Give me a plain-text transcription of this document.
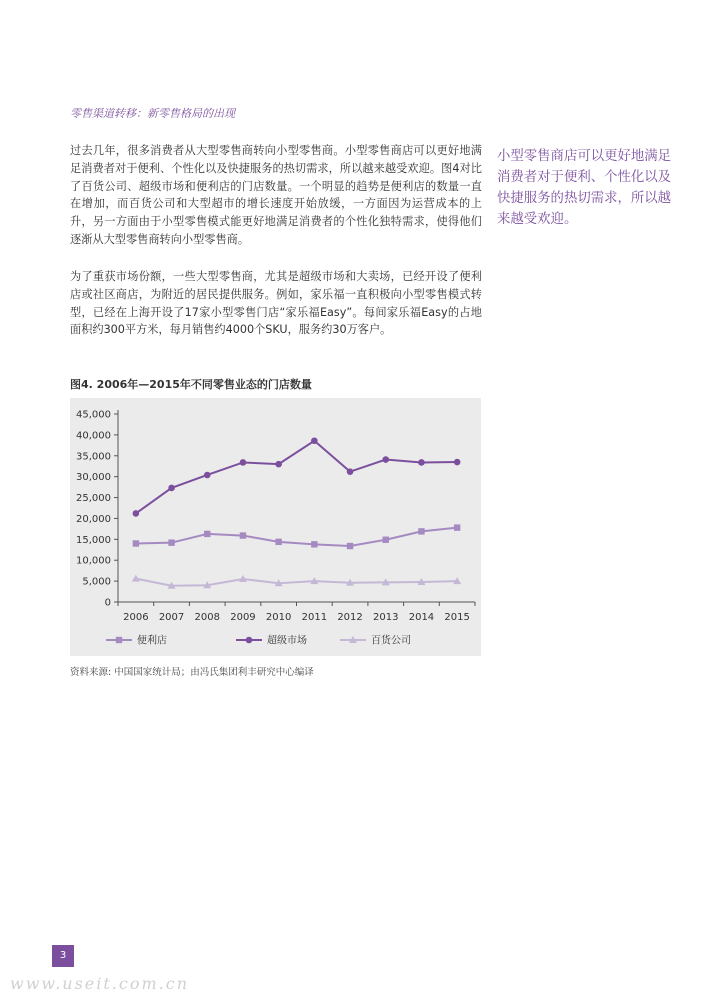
零售渠道转移：新零售格局的出现

过去几年，很多消费者从大型零售商转向小型零售商。小型零售商店可以更好地满足消费者对于便利、个性化以及快捷服务的热切需求，所以越来越受欢迎。图4对比了百货公司、超级市场和便利店的门店数量。一个明显的趋势是便利店的数量一直在增加，而百货公司和大型超市的增长速度开始放缓，一方面因为运营成本的上升，另一方面由于小型零售模式能更好地满足消费者的个性化独特需求，使得他们逐渐从大型零售商转向小型零售商。

为了重获市场份额，一些大型零售商，尤其是超级市场和大卖场，已经开设了便利店或社区商店，为附近的居民提供服务。例如，家乐福一直积极向小型零售模式转型，已经在上海开设了17家小型零售门店“家乐福Easy”。每间家乐福Easy的占地面积约300平方米，每月销售约4000个SKU，服务约30万客户。

小型零售商店可以更好地满足消费者对于便利、个性化以及快捷服务的热切需求，所以越来越受欢迎。

图4. 2006年—2015年不同零售业态的门店数量
0
5,000
10,000
15,000
20,000
25,000
30,000
35,000
40,000
45,000
2006 2007 2008 2009 2010 2011 2012 2013 2014 2015
便利店	超级市场	百货公司
资料来源: 中国国家统计局；由冯氏集团利丰研究中心编译
3
www.useit.com.cn
